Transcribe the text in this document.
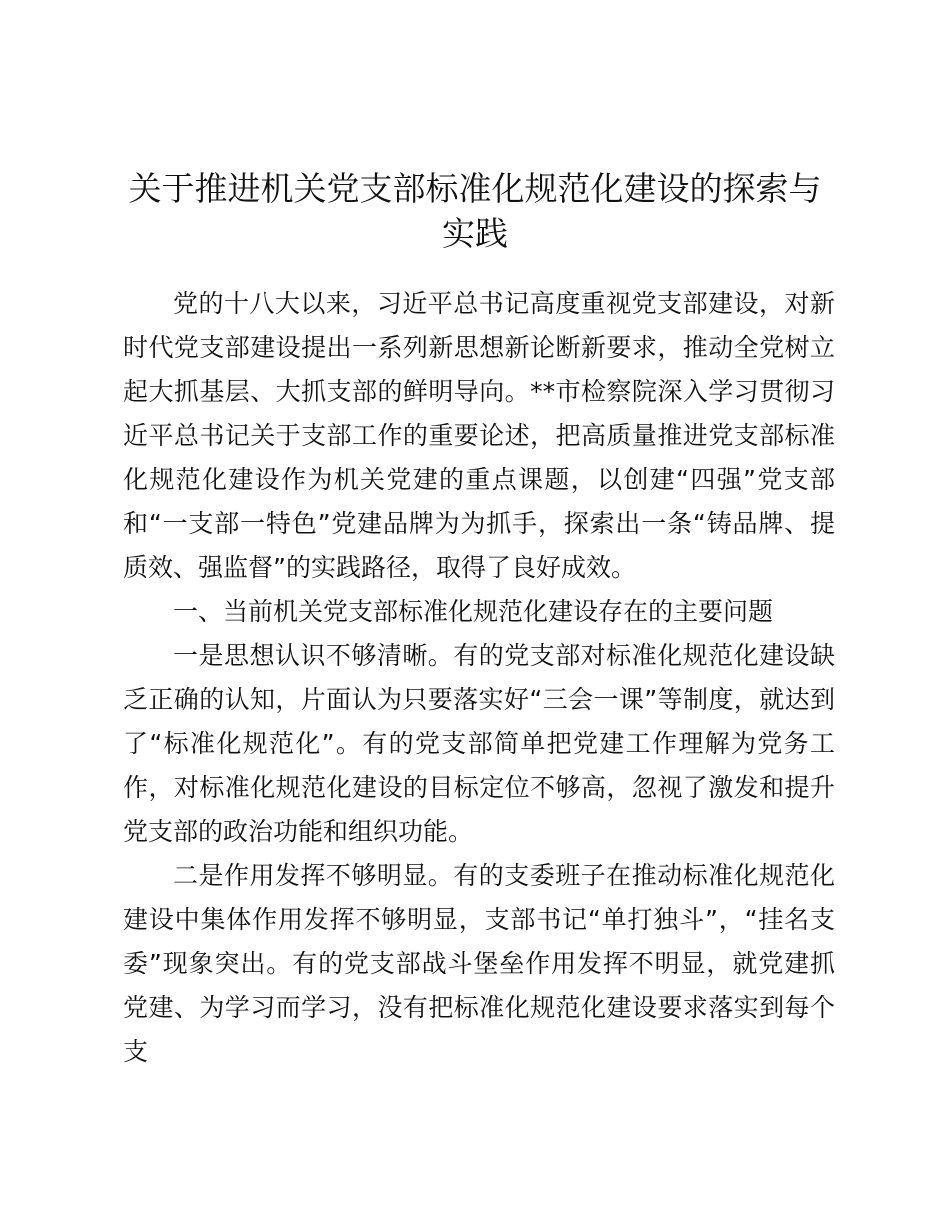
关于推进机关党支部标准化规范化建设的探索与实践

党的十八大以来，习近平总书记高度重视党支部建设，对新时代党支部建设提出一系列新思想新论断新要求，推动全党树立起大抓基层、大抓支部的鲜明导向。**市检察院深入学习贯彻习近平总书记关于支部工作的重要论述，把高质量推进党支部标准化规范化建设作为机关党建的重点课题，以创建“四强”党支部和“一支部一特色”党建品牌为为抓手，探索出一条“铸品牌、提质效、强监督”的实践路径，取得了良好成效。

一、当前机关党支部标准化规范化建设存在的主要问题

一是思想认识不够清晰。有的党支部对标准化规范化建设缺乏正确的认知，片面认为只要落实好“三会一课”等制度，就达到了“标准化规范化”。有的党支部简单把党建工作理解为党务工作，对标准化规范化建设的目标定位不够高，忽视了激发和提升党支部的政治功能和组织功能。

二是作用发挥不够明显。有的支委班子在推动标准化规范化建设中集体作用发挥不够明显，支部书记“单打独斗”，“挂名支委”现象突出。有的党支部战斗堡垒作用发挥不明显，就党建抓党建、为学习而学习，没有把标准化规范化建设要求落实到每个支
